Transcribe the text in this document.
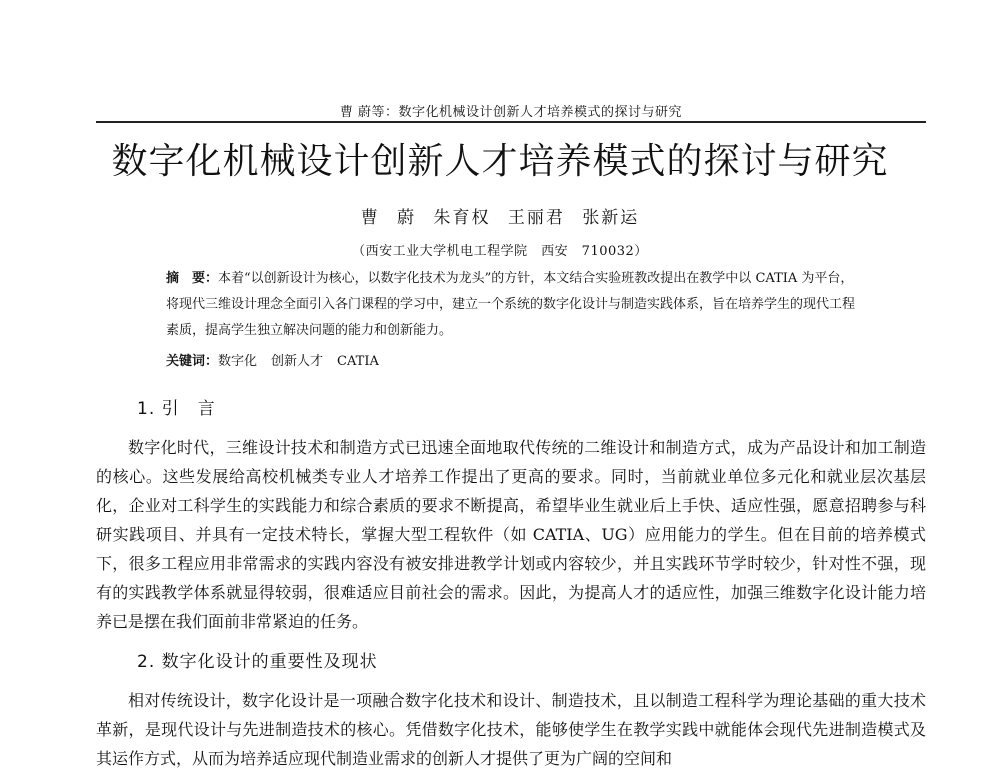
曹 蔚等：数字化机械设计创新人才培养模式的探讨与研究
数字化机械设计创新人才培养模式的探讨与研究
曹 蔚 朱育权 王丽君 张新运
（西安工业大学机电工程学院　西安　710032）

摘　要：本着“以创新设计为核心，以数字化技术为龙头”的方针，本文结合实验班教改提出在教学中以 CATIA 为平台，将现代三维设计理念全面引入各门课程的学习中，建立一个系统的数字化设计与制造实践体系，旨在培养学生的现代工程素质，提高学生独立解决问题的能力和创新能力。

关键词：数字化 创新人才 CATIA
1. 引　言

数字化时代，三维设计技术和制造方式已迅速全面地取代传统的二维设计和制造方式，成为产品设计和加工制造的核心。这些发展给高校机械类专业人才培养工作提出了更高的要求。同时，当前就业单位多元化和就业层次基层化，企业对工科学生的实践能力和综合素质的要求不断提高，希望毕业生就业后上手快、适应性强，愿意招聘参与科研实践项目、并具有一定技术特长，掌握大型工程软件（如 CATIA、UG）应用能力的学生。但在目前的培养模式下，很多工程应用非常需求的实践内容没有被安排进教学计划或内容较少，并且实践环节学时较少，针对性不强，现有的实践教学体系就显得较弱，很难适应目前社会的需求。因此，为提高人才的适应性，加强三维数字化设计能力培养已是摆在我们面前非常紧迫的任务。

2. 数字化设计的重要性及现状

相对传统设计，数字化设计是一项融合数字化技术和设计、制造技术，且以制造工程科学为理论基础的重大技术革新，是现代设计与先进制造技术的核心。凭借数字化技术，能够使学生在教学实践中就能体会现代先进制造模式及其运作方式，从而为培养适应现代制造业需求的创新人才提供了更为广阔的空间和
